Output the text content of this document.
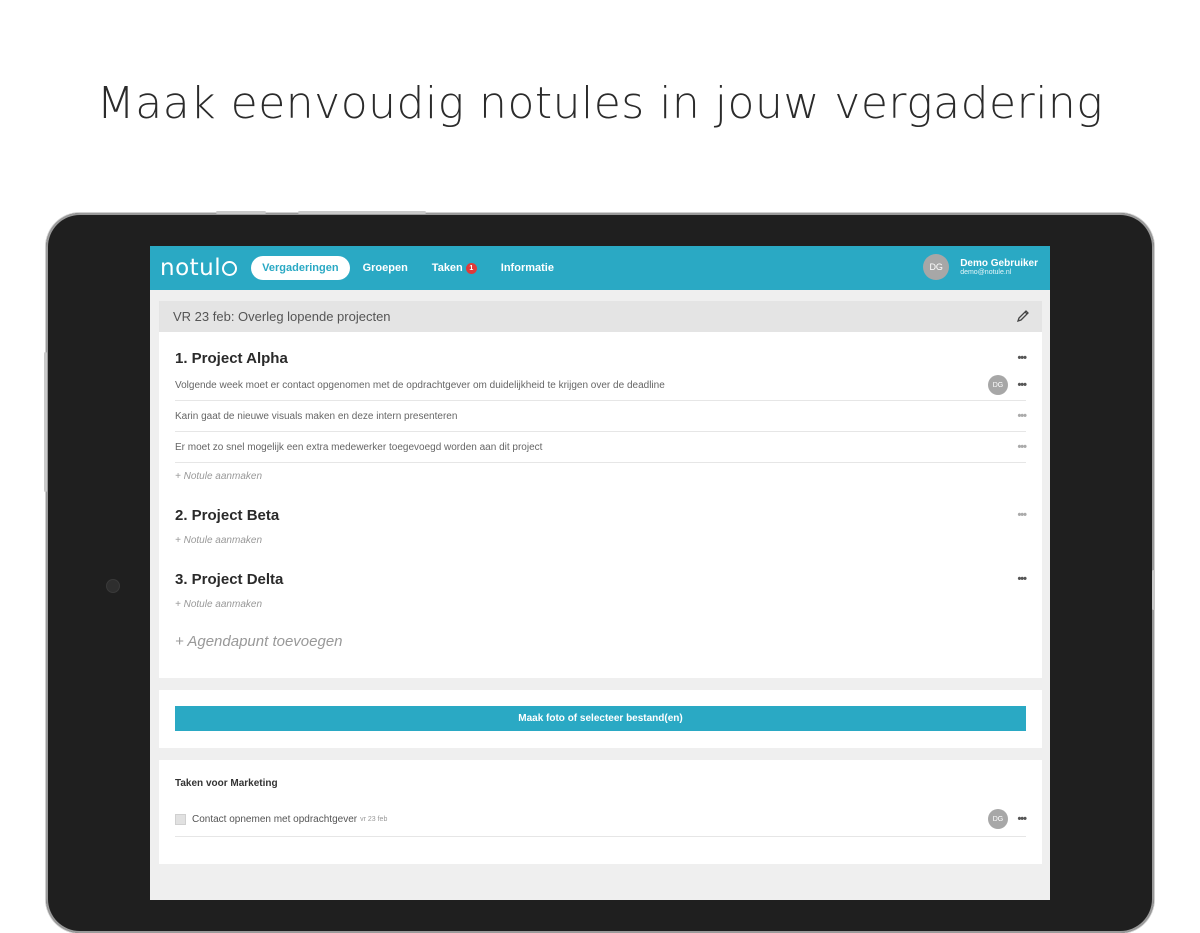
Maak eenvoudig notules in jouw vergadering
notul	Vergaderingen Groepen Taken 1	Informatie	DG	Demo Gebruiker
demo@notule.nl
VR 23 feb: Overleg lopende projecten
1. Project Alpha	•••
Volgende week moet er contact opgenomen met de opdrachtgever om duidelijkheid te krijgen over de deadline	DG	•••
Karin gaat de nieuwe visuals maken en deze intern presenteren	•••
Er moet zo snel mogelijk een extra medewerker toegevoegd worden aan dit project	•••
+ Notule aanmaken
2. Project Beta	•••
+ Notule aanmaken
3. Project Delta	•••
+ Notule aanmaken
+ Agendapunt toevoegen
Maak foto of selecteer bestand(en)
Taken voor Marketing
Contact opnemen met opdrachtgever vr 23 feb	DG	•••
